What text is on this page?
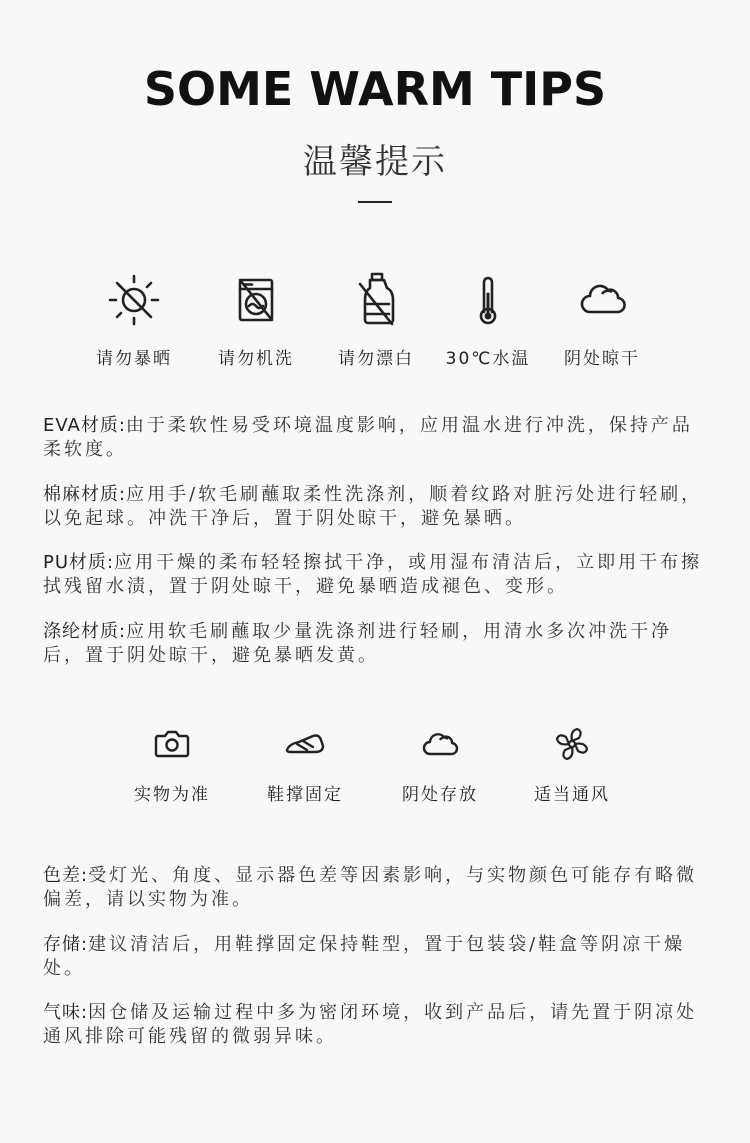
SOME WARM TIPS
温馨提示
请勿暴晒	请勿机洗	请勿漂白	30℃水温	阴处晾干
EVA材质:由于柔软性易受环境温度影响，应用温水进行冲洗，保持产品柔软度。
棉麻材质:应用手/软毛刷蘸取柔性洗涤剂，顺着纹路对脏污处进行轻刷，以免起球。冲洗干净后，置于阴处晾干，避免暴晒。
PU材质:应用干燥的柔布轻轻擦拭干净，或用湿布清洁后，立即用干布擦拭残留水渍，置于阴处晾干，避免暴晒造成褪色、变形。
涤纶材质:应用软毛刷蘸取少量洗涤剂进行轻刷，用清水多次冲洗干净后，置于阴处晾干，避免暴晒发黄。
实物为准	鞋撑固定	阴处存放	适当通风
色差:受灯光、角度、显示器色差等因素影响，与实物颜色可能存有略微偏差，请以实物为准。
存储:建议清洁后，用鞋撑固定保持鞋型，置于包装袋/鞋盒等阴凉干燥处。
气味:因仓储及运输过程中多为密闭环境，收到产品后，请先置于阴凉处通风排除可能残留的微弱异味。
